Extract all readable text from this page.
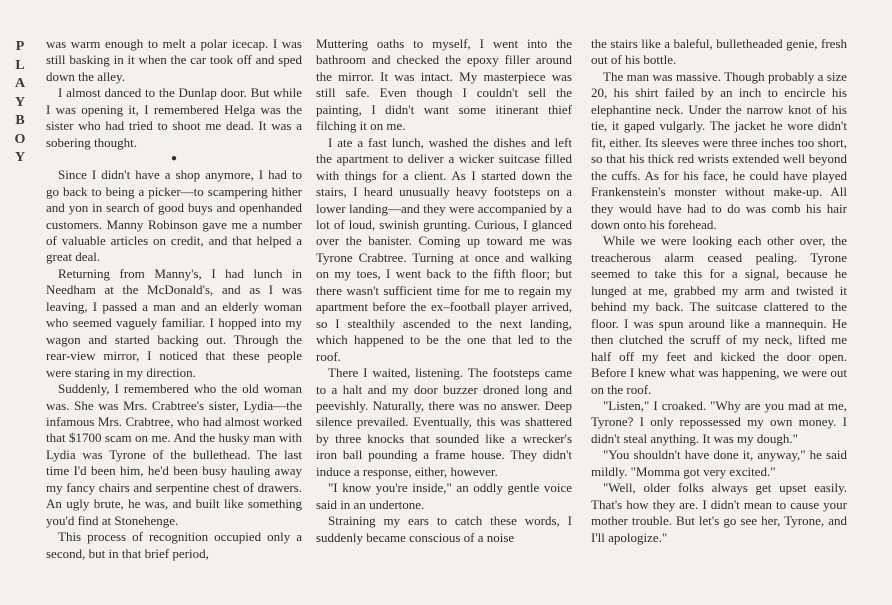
P
L
A
Y
B
O
Y

was warm enough to melt a polar icecap. I was still basking in it when the car took off and sped down the alley.

I almost danced to the Dunlap door. But while I was opening it, I remembered Helga was the sister who had tried to shoot me dead. It was a sobering thought.

●

Since I didn't have a shop anymore, I had to go back to being a picker—to scampering hither and yon in search of good buys and openhanded customers. Manny Robinson gave me a number of valuable articles on credit, and that helped a great deal.

Returning from Manny's, I had lunch in Needham at the McDonald's, and as I was leaving, I passed a man and an elderly woman who seemed vaguely familiar. I hopped into my wagon and started backing out. Through the rear-view mirror, I noticed that these people were staring in my direction.

Suddenly, I remembered who the old woman was. She was Mrs. Crabtree's sister, Lydia—the infamous Mrs. Crabtree, who had almost worked that $1700 scam on me. And the husky man with Lydia was Tyrone of the bullethead. The last time I'd been him, he'd been busy hauling away my fancy chairs and serpentine chest of drawers. An ugly brute, he was, and built like something you'd find at Stonehenge.

This process of recognition occupied only a second, but in that brief period,

Muttering oaths to myself, I went into the bathroom and checked the epoxy filler around the mirror. It was intact. My masterpiece was still safe. Even though I couldn't sell the painting, I didn't want some itinerant thief filching it on me.

I ate a fast lunch, washed the dishes and left the apartment to deliver a wicker suitcase filled with things for a client. As I started down the stairs, I heard unusually heavy footsteps on a lower landing—and they were accompanied by a lot of loud, swinish grunting. Curious, I glanced over the banister. Coming up toward me was Tyrone Crabtree. Turning at once and walking on my toes, I went back to the fifth floor; but there wasn't sufficient time for me to regain my apartment before the ex–football player arrived, so I stealthily ascended to the next landing, which happened to be the one that led to the roof.

There I waited, listening. The footsteps came to a halt and my door buzzer droned long and peevishly. Naturally, there was no answer. Deep silence prevailed. Eventually, this was shattered by three knocks that sounded like a wrecker's iron ball pounding a frame house. They didn't induce a response, either, however.

"I know you're inside," an oddly gentle voice said in an undertone.

Straining my ears to catch these words, I suddenly became conscious of a noise

the stairs like a baleful, bulletheaded genie, fresh out of his bottle.

The man was massive. Though probably a size 20, his shirt failed by an inch to encircle his elephantine neck. Under the narrow knot of his tie, it gaped vulgarly. The jacket he wore didn't fit, either. Its sleeves were three inches too short, so that his thick red wrists extended well beyond the cuffs. As for his face, he could have played Frankenstein's monster without make-up. All they would have had to do was comb his hair down onto his forehead.

While we were looking each other over, the treacherous alarm ceased pealing. Tyrone seemed to take this for a signal, because he lunged at me, grabbed my arm and twisted it behind my back. The suitcase clattered to the floor. I was spun around like a mannequin. He then clutched the scruff of my neck, lifted me half off my feet and kicked the door open. Before I knew what was happening, we were out on the roof.

"Listen," I croaked. "Why are you mad at me, Tyrone? I only repossessed my own money. I didn't steal anything. It was my dough."

"You shouldn't have done it, anyway," he said mildly. "Momma got very excited."

"Well, older folks always get upset easily. That's how they are. I didn't mean to cause your mother trouble. But let's go see her, Tyrone, and I'll apologize."
